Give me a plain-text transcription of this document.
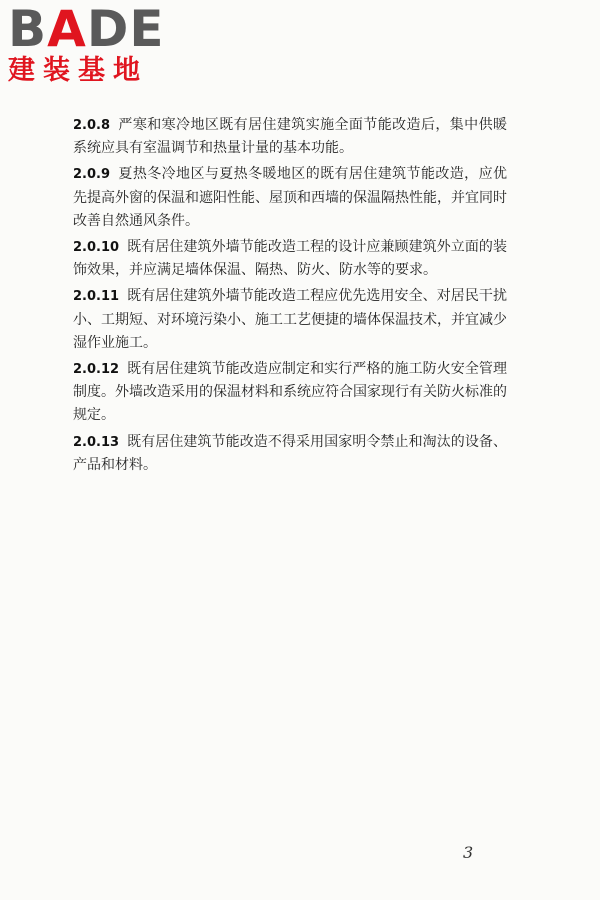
BADE
建装基地

2.0.8 严寒和寒冷地区既有居住建筑实施全面节能改造后，集中供暖系统应具有室温调节和热量计量的基本功能。

2.0.9 夏热冬冷地区与夏热冬暖地区的既有居住建筑节能改造，应优先提高外窗的保温和遮阳性能、屋顶和西墙的保温隔热性能，并宜同时改善自然通风条件。

2.0.10 既有居住建筑外墙节能改造工程的设计应兼顾建筑外立面的装饰效果，并应满足墙体保温、隔热、防火、防水等的要求。

2.0.11 既有居住建筑外墙节能改造工程应优先选用安全、对居民干扰小、工期短、对环境污染小、施工工艺便捷的墙体保温技术，并宜减少湿作业施工。

2.0.12 既有居住建筑节能改造应制定和实行严格的施工防火安全管理制度。外墙改造采用的保温材料和系统应符合国家现行有关防火标准的规定。

2.0.13 既有居住建筑节能改造不得采用国家明令禁止和淘汰的设备、产品和材料。

3
